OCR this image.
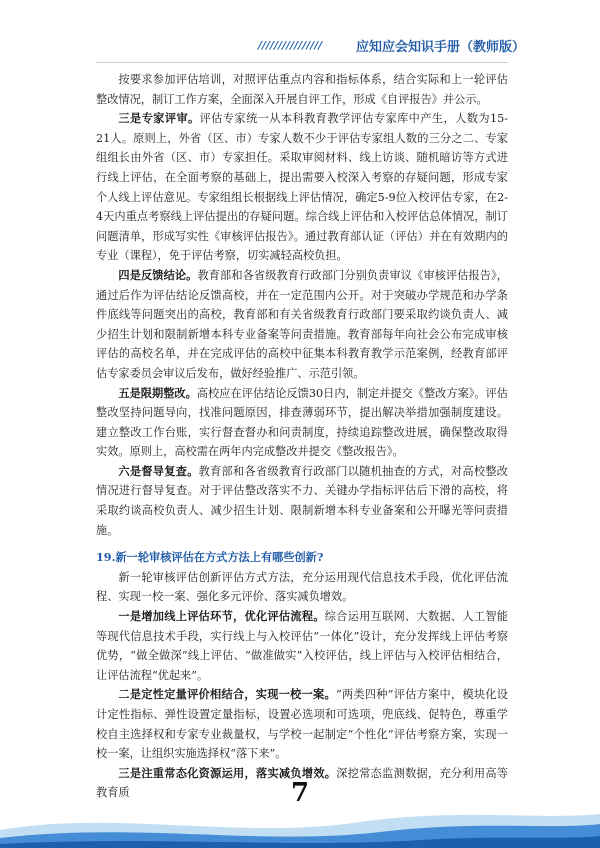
////////////////	应知应会知识手册（教师版）

按要求参加评估培训，对照评估重点内容和指标体系，结合实际和上一轮评估整改情况，制订工作方案，全面深入开展自评工作，形成《自评报告》并公示。

三是专家评审。评估专家统一从本科教育教学评估专家库中产生，人数为15-21人。原则上，外省（区、市）专家人数不少于评估专家组人数的三分之二、专家组组长由外省（区、市）专家担任。采取审阅材料、线上访谈、随机暗访等方式进行线上评估，在全面考察的基础上，提出需要入校深入考察的存疑问题，形成专家个人线上评估意见。专家组组长根据线上评估情况，确定5-9位入校评估专家，在2-4天内重点考察线上评估提出的存疑问题。综合线上评估和入校评估总体情况，制订问题清单，形成写实性《审核评估报告》。通过教育部认证（评估）并在有效期内的专业（课程），免于评估考察，切实减轻高校负担。

四是反馈结论。教育部和各省级教育行政部门分别负责审议《审核评估报告》，通过后作为评估结论反馈高校，并在一定范围内公开。对于突破办学规范和办学条件底线等问题突出的高校，教育部和有关省级教育行政部门要采取约谈负责人、减少招生计划和限制新增本科专业备案等问责措施。教育部每年向社会公布完成审核评估的高校名单，并在完成评估的高校中征集本科教育教学示范案例，经教育部评估专家委员会审议后发布，做好经验推广、示范引领。

五是限期整改。高校应在评估结论反馈30日内，制定并提交《整改方案》。评估整改坚持问题导向，找准问题原因，排查薄弱环节，提出解决举措加强制度建设。建立整改工作台账，实行督查督办和问责制度，持续追踪整改进展，确保整改取得实效。原则上，高校需在两年内完成整改并提交《整改报告》。

六是督导复查。教育部和各省级教育行政部门以随机抽查的方式，对高校整改情况进行督导复查。对于评估整改落实不力、关键办学指标评估后下滑的高校，将采取约谈高校负责人、减少招生计划、限制新增本科专业备案和公开曝光等问责措施。

19.新一轮审核评估在方式方法上有哪些创新?

新一轮审核评估创新评估方式方法，充分运用现代信息技术手段，优化评估流程、实现一校一案、强化多元评价、落实减负增效。

一是增加线上评估环节，优化评估流程。综合运用互联网、大数据、人工智能等现代信息技术手段，实行线上与入校评估“一体化”设计，充分发挥线上评估考察优势，“做全做深”线上评估、“做准做实”入校评估，线上评估与入校评估相结合，让评估流程“优起来”。

二是定性定量评价相结合，实现一校一案。“两类四种”评估方案中，模块化设计定性指标、弹性设置定量指标，设置必选项和可选项，兜底线、促特色，尊重学校自主选择权和专家专业裁量权，与学校一起制定“个性化”评估考察方案，实现一校一案，让组织实施选择权“落下来”。

三是注重常态化资源运用，落实减负增效。深挖常态监测数据，充分利用高等教育质	7
